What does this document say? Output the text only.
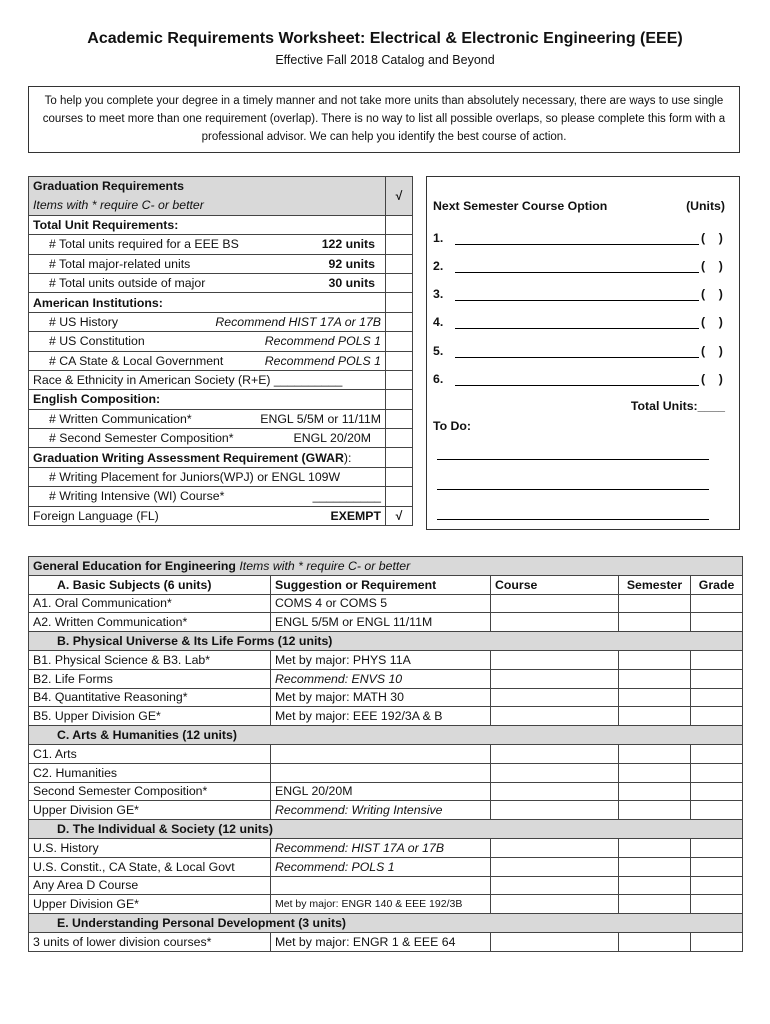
Academic Requirements Worksheet: Electrical & Electronic Engineering (EEE)
Effective Fall 2018 Catalog and Beyond
To help you complete your degree in a timely manner and not take more units than absolutely necessary, there are ways to use single courses to meet more than one requirement (overlap). There is no way to list all possible overlaps, so please complete this form with a professional advisor. We can help you identify the best course of action.
Graduation Requirements	√
Items with * require C- or better	
Total Unit Requirements:	

# Total units required for a EEE BS 122 units	

# Total major-related units 92 units	

# Total units outside of major 30 units	

American Institutions:	

# US History Recommend HIST 17A or 17B	

# US Constitution Recommend POLS 1	

# CA State & Local Government Recommend POLS 1	

Race & Ethnicity in American Society (R+E) __________	
English Composition:	

# Written Communication* ENGL 5/5M or 11/11M	

# Second Semester Composition* ENGL 20/20M	

Graduation Writing Assessment Requirement (GWAR):	
# Writing Placement for Juniors(WPJ) or ENGL 109W	

# Writing Intensive (WI) Course* __________	

Foreign Language (FL) EXEMPT	√
Next Semester Course Option	(Units)
1.	(    )
2.	(    )
3.	(    )
4.	(    )
5.	(    )
6.	(    )
Total Units:____
To Do:
General Education for Engineering Items with * require C- or better				
A. Basic Subjects (6 units)	Suggestion or Requirement	Course	Semester	Grade
A1. Oral Communication*	COMS 4 or COMS 5			
A2. Written Communication*	ENGL 5/5M or ENGL 11/11M			
B. Physical Universe & Its Life Forms (12 units)				
B1. Physical Science & B3. Lab*	Met by major: PHYS 11A			
B2. Life Forms	Recommend: ENVS 10			
B4. Quantitative Reasoning*	Met by major: MATH 30			
B5. Upper Division GE*	Met by major: EEE 192/3A & B			
C. Arts & Humanities (12 units)				
C1. Arts				
C2. Humanities				
Second Semester Composition*	ENGL 20/20M			
Upper Division GE*	Recommend: Writing Intensive			
D. The Individual & Society (12 units)				
U.S. History	Recommend: HIST 17A or 17B			
U.S. Constit., CA State, & Local Govt	Recommend: POLS 1			
Any Area D Course				
Upper Division GE*	Met by major: ENGR 140 & EEE 192/3B			
E. Understanding Personal Development (3 units)				
3 units of lower division courses*	Met by major: ENGR 1 & EEE 64			
